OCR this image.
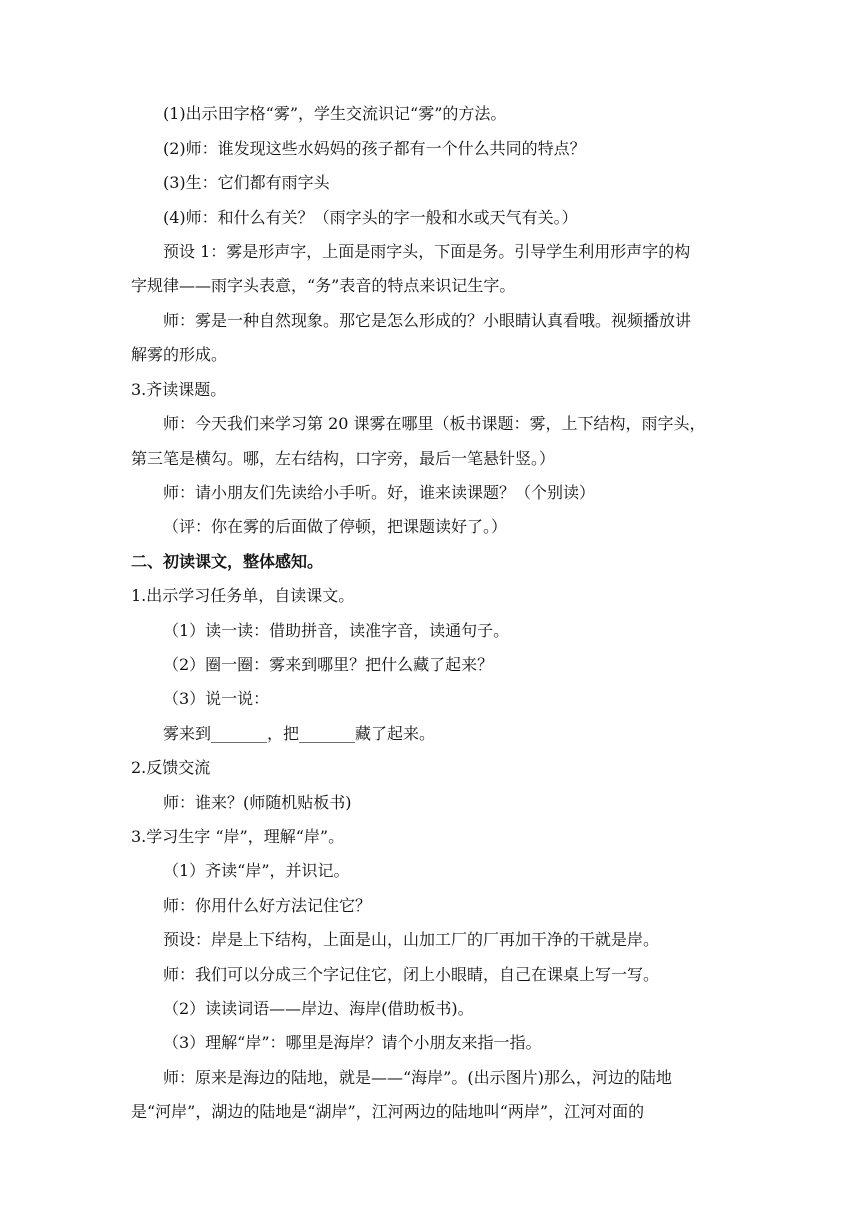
(1)出示田字格“雾”，学生交流识记“雾”的方法。
(2)师：谁发现这些水妈妈的孩子都有一个什么共同的特点？
(3)生：它们都有雨字头
(4)师：和什么有关？（雨字头的字一般和水或天气有关。）
预设 1：雾是形声字，上面是雨字头，下面是务。引导学生利用形声字的构
字规律——雨字头表意，“务”表音的特点来识记生字。
师：雾是一种自然现象。那它是怎么形成的？小眼睛认真看哦。视频播放讲
解雾的形成。
3.齐读课题。
师：今天我们来学习第 20 课雾在哪里（板书课题：雾，上下结构，雨字头，
第三笔是横勾。哪，左右结构，口字旁，最后一笔悬针竖。）
师：请小朋友们先读给小手听。好，谁来读课题？（个别读）
（评：你在雾的后面做了停顿，把课题读好了。）
二、初读课文，整体感知。
1.出示学习任务单，自读课文。
（1）读一读：借助拼音，读准字音，读通句子。
（2）圈一圈：雾来到哪里？把什么藏了起来？
（3）说一说：
雾来到_______，把_______藏了起来。
2.反馈交流
师：谁来？(师随机贴板书)
3.学习生字 “岸”，理解“岸”。
（1）齐读“岸”，并识记。
师：你用什么好方法记住它？
预设：岸是上下结构，上面是山，山加工厂的厂再加干净的干就是岸。
师：我们可以分成三个字记住它，闭上小眼睛，自己在课桌上写一写。
（2）读读词语——岸边、海岸(借助板书)。
（3）理解“岸”：哪里是海岸？请个小朋友来指一指。
师：原来是海边的陆地，就是——“海岸”。(出示图片)那么，河边的陆地
是“河岸”，湖边的陆地是“湖岸”，江河两边的陆地叫“两岸”，江河对面的
